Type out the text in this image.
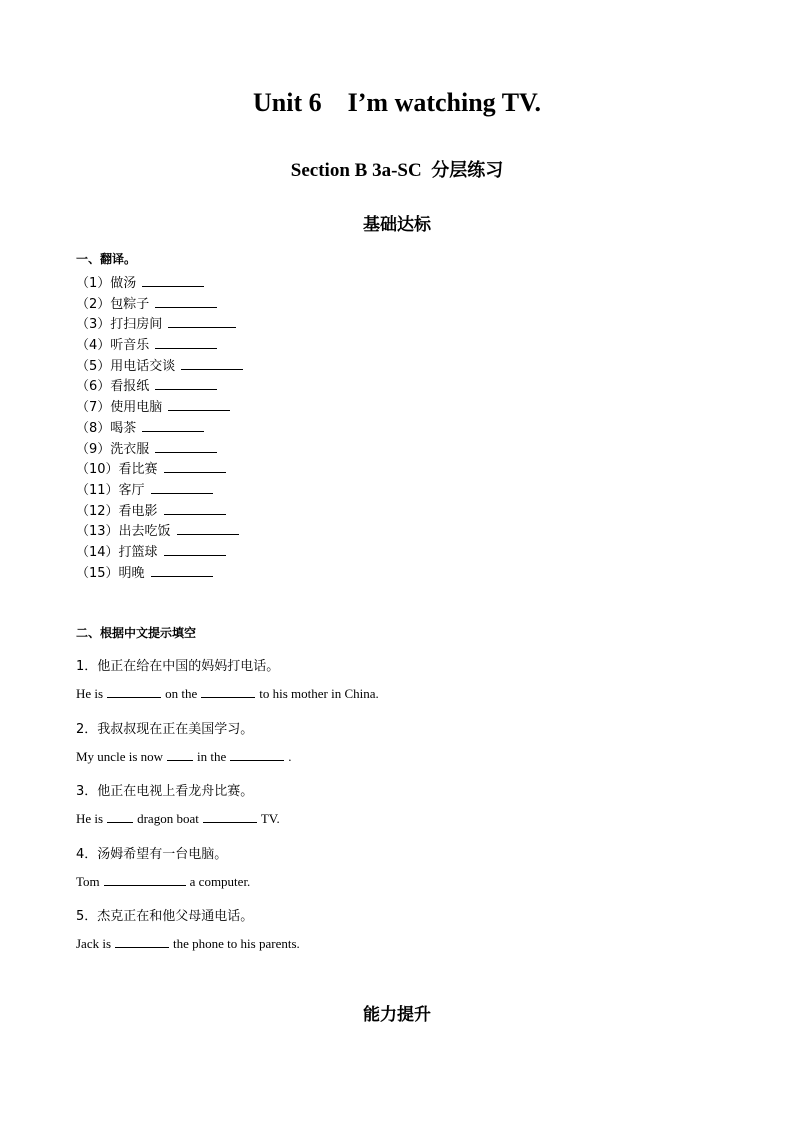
Unit 6    I’m watching TV.
Section B 3a-SC 分层练习
基础达标
一、翻译。
（1）做汤
（2）包粽子
（3）打扫房间
（4）听音乐
（5）用电话交谈
（6）看报纸
（7）使用电脑
（8）喝茶
（9）洗衣服
（10）看比赛
（11）客厅
（12）看电影
（13）出去吃饭
（14）打篮球
（15）明晚
二、根据中文提示填空
1．他正在给在中国的妈妈打电话。
He is	on the	to his mother in China.
2．我叔叔现在正在美国学习。
My uncle is now	in the	.
3．他正在电视上看龙舟比赛。
He is	dragon boat	TV.
4．汤姆希望有一台电脑。
Tom	a computer.
5．杰克正在和他父母通电话。
Jack is	the phone to his parents.
能力提升
